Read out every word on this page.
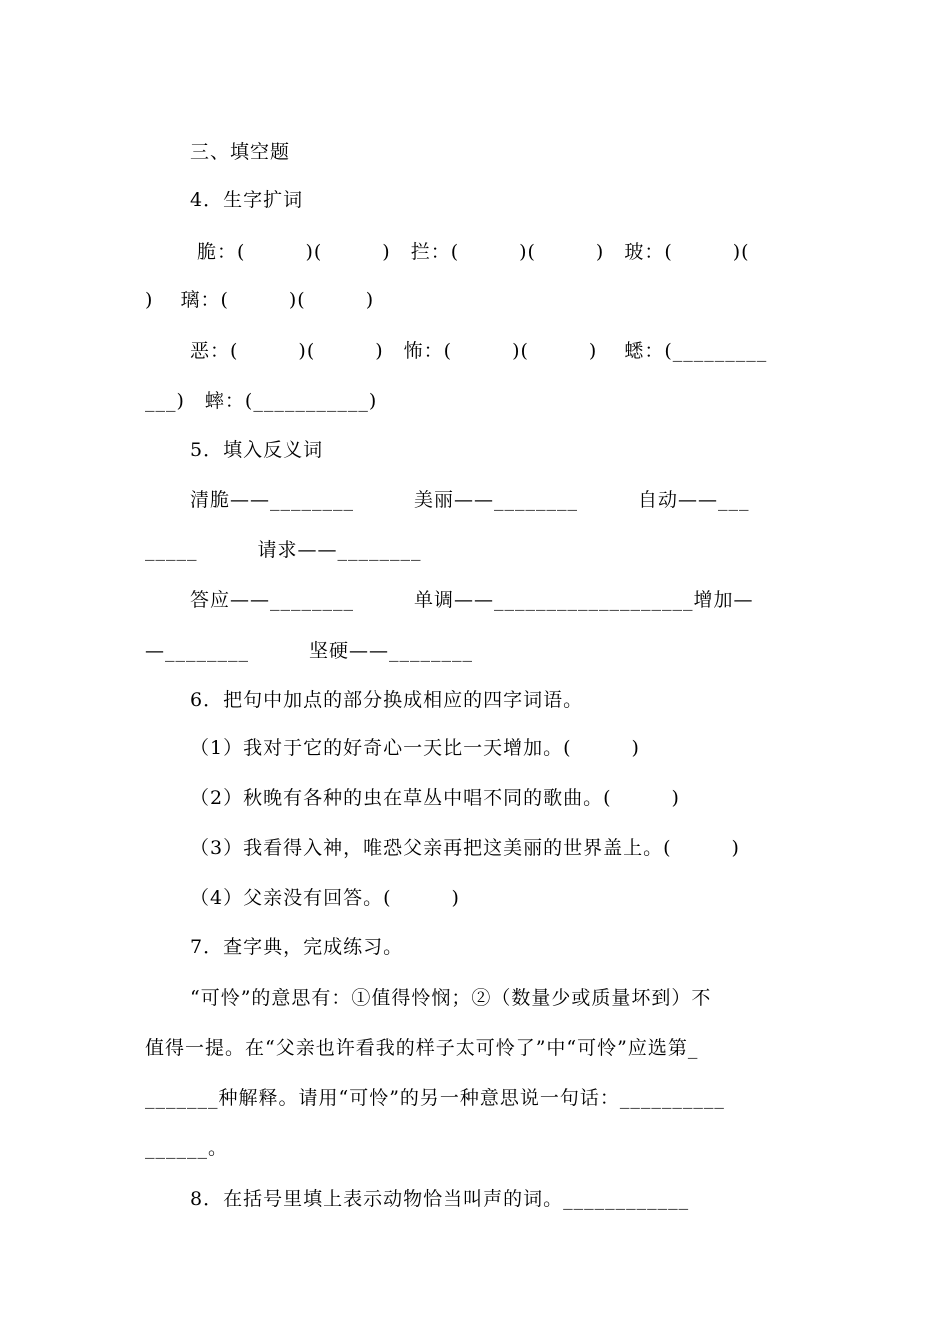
三、填空题
4．生字扩词
脆：(　　　)(　　　)　拦：(　　　)(　　　)　玻：(　　　)(
)　 璃：(　　　)(　　　)
恶：(　　　)(　　　)　怖：(　　　)(　　　)　 蟋：(_________
___)　蟀：(___________)
5．填入反义词
清脆——________　　　美丽——________　　　自动——___
_____　　　请求——________
答应——________　　　单调——___________________增加—
—________　　　坚硬——________
6．把句中加点的部分换成相应的四字词语。
（1）我对于它的好奇心一天比一天增加。(　　　)
（2）秋晚有各种的虫在草丛中唱不同的歌曲。(　　　)
（3）我看得入神，唯恐父亲再把这美丽的世界盖上。(　　　)
（4）父亲没有回答。(　　　)
7．查字典，完成练习。
“可怜”的意思有：①值得怜悯；②（数量少或质量坏到）不
值得一提。在“父亲也许看我的样子太可怜了”中“可怜”应选第_
_______种解释。请用“可怜”的另一种意思说一句话：__________
______。
8．在括号里填上表示动物恰当叫声的词。____________
